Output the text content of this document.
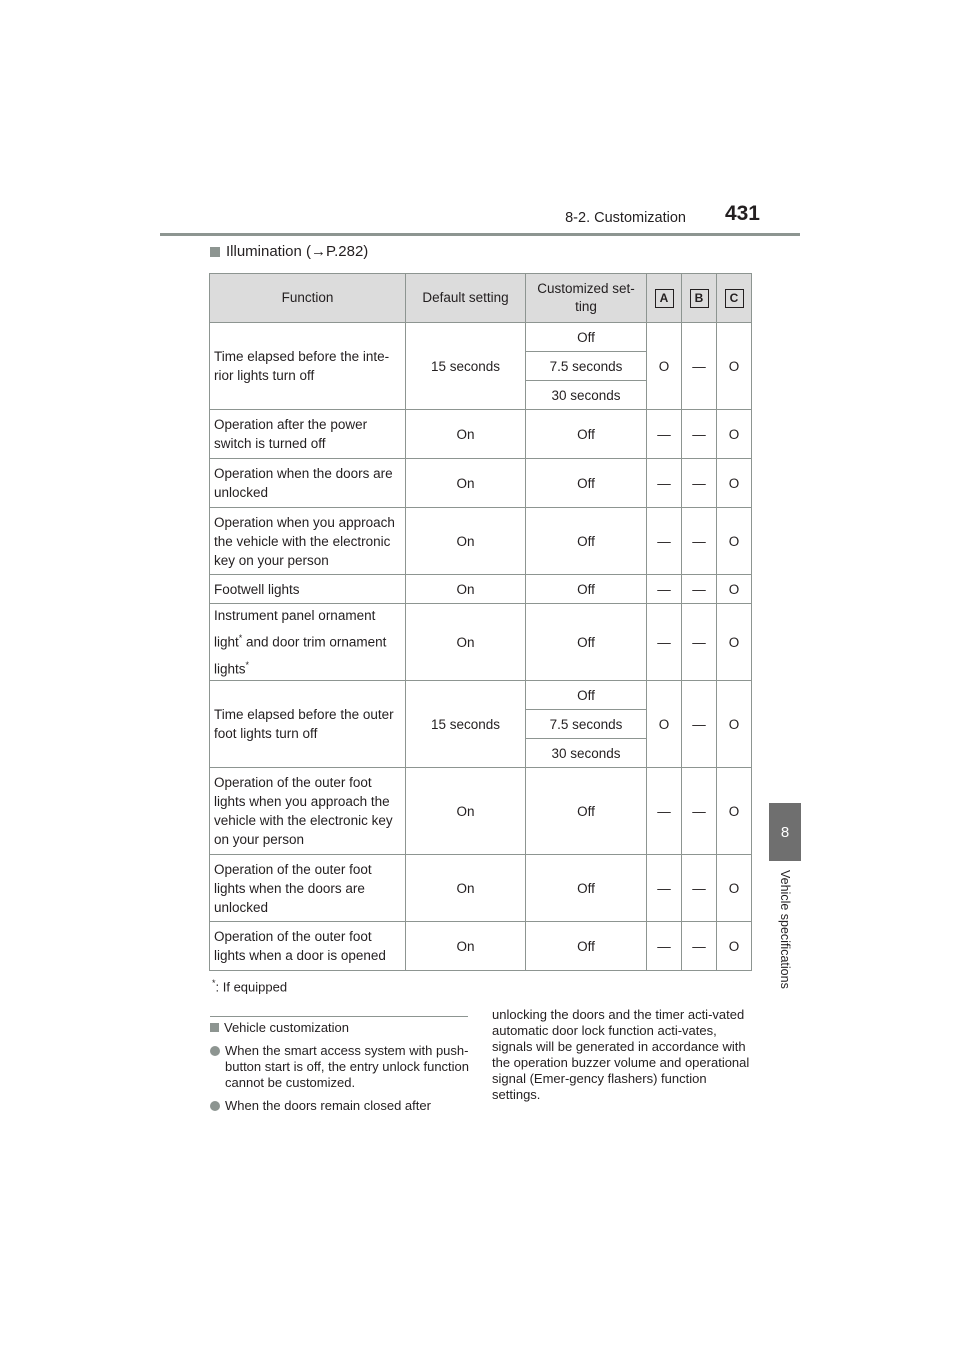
8-2. Customization 431
8
Vehicle specifications
Illumination (→P.282)
Function	Default setting	Customized set-ting	A	B	C
Time elapsed before the inte-rior lights turn off	15 seconds	Off	O	—	O
		7.5 seconds			
		30 seconds			
Operation after the power switch is turned off	On	Off	—	—	O
Operation when the doors are unlocked	On	Off	—	—	O
Operation when you approach the vehicle with the electronic key on your person	On	Off	—	—	O
Footwell lights	On	Off	—	—	O
Instrument panel ornament light* and door trim ornament lights*	On	Off	—	—	O
Time elapsed before the outer foot lights turn off	15 seconds	Off	O	—	O
		7.5 seconds			
		30 seconds			
Operation of the outer foot lights when you approach the vehicle with the electronic key on your person	On	Off	—	—	O
Operation of the outer foot lights when the doors are unlocked	On	Off	—	—	O
Operation of the outer foot lights when a door is opened	On	Off	—	—	O
*: If equipped
Vehicle customization
When the smart access system with push-button start is off, the entry unlock function cannot be customized.
When the doors remain closed after
unlocking the doors and the timer acti-vated automatic door lock function acti-vates, signals will be generated in accordance with the operation buzzer volume and operational signal (Emer-gency flashers) function settings.
